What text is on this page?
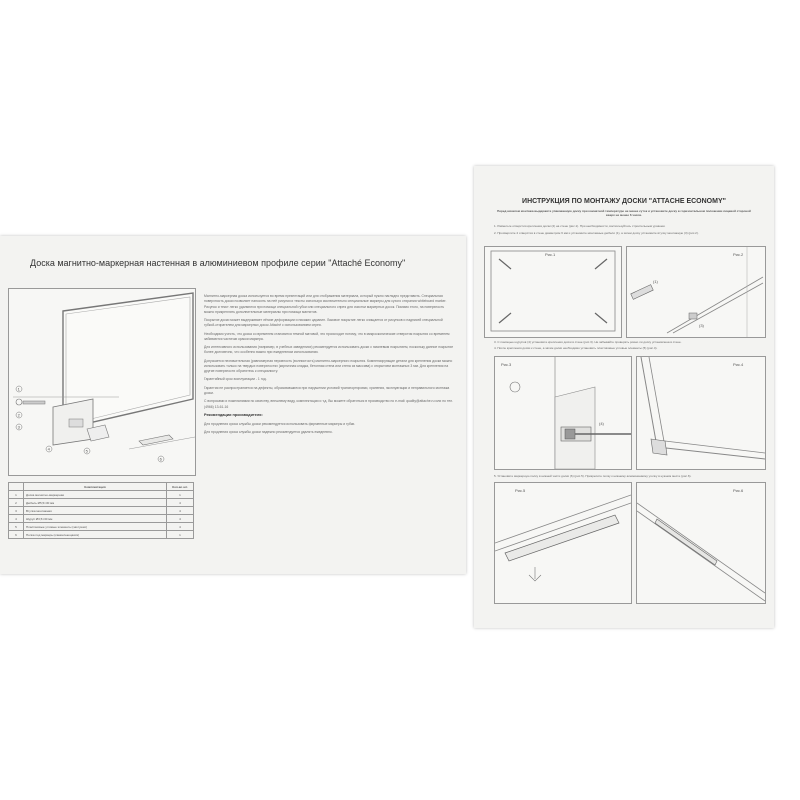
Доска магнитно-маркерная настенная в алюминиевом профиле серии "Attaché Economy"
1
2
3
4	5
6

Магнитно-маркерная доска используется во время презентаций или для отображения материала, который нужно наглядно представить. Специальная поверхность доски позволяет наносить на неё рисунки и тексты используя исключительно специальные маркеры для сухого стирания whiteboard marker. Рисунок и текст легко удаляются при помощи специальной губки или специального спрея для очистки маркерных досок. Помимо этого, на поверхность можно прикреплять дополнительные материалы при помощи магнитов.

Покрытие доски может выдерживает лёгкие деформации и никаких царапин. Лаковое покрытие легко очищается от рисунков и надписей специальной губкой-стирателем для маркерных досок Attaché с использованием спрея.

Необходимо учесть, что доска со временем становится темной матовой, это происходит потому, что в микроскопические отверстия покрытия со временем забиваются частички краски маркера.

Для интенсивного использования (например, в учебных заведениях) рекомендуется использовать доски с эмалевым покрытием, поскольку данное покрытие более долговечно, что особенно важно при ежедневном использовании.

Допускается незначительная (равномерная неровность (волнистость) магнитно-маркерного покрытия. Компенсирующие детали для крепления доски можно использовать только на твердых поверхностях (кирпичная кладка, бетонная стена или стена из массива) с открытием монтажных 3 мм. Для крепления на другие поверхности обратитесь к специалисту.

Гарантийный срок эксплуатации - 1 год.

Гарантия не распространяется на дефекты, образовавшиеся при нарушении условий транспортировки, хранения, эксплуатации и неправильного монтажа доски.

С вопросами и пожеланиями по качеству, внешнему виду, комплектации и т.д. Вы можете обратиться в производство по e-mail: quality@attache.ru или по тел. (4966) 13-61-16

Рекомендации производителя:

Для продления срока службы доски рекомендуется использовать фирменные маркеры и губки.

Для продления срока службы доски надежно рекомендуется удалять ежедневно.

	Комплектация	Кол-во шт.
1	Доска магнитно-маркерная	1
2	Дюбель Ø5,5×30 мм	4
3	Втулка монтажная	4
4	Шуруп Ø3,5×30 мм	4
5	Пластиковые угловые элементы (заглушки)	4
6	Полка под маркеры (самоклеющаяся)	1
ИНСТРУКЦИЯ ПО МОНТАЖУ ДОСКИ "ATTACHE ECONOMY"
Перед началом монтажа выдержите упакованную доску при комнатной температуре не менее суток и установите доску в горизонтальном положении лицевой стороной вверх не менее 6 часов.
1. Разметьте отверстия крепления доски (2) на стене (рис.1). При необходимости, воспользуйтесь строительным уровнем.
2. Просверлите 4 отверстия в стене диаметром 6 мм и установите монтажные дюбели (1), а затем доску установите втулку монтажную (3) (рис.2).
Рис.1	Рис.2
(1)
(3)
3. С помощью шурупов (4) установите крепления доски в стене (рис.3). Не забывайте проверять ровно ли доску установлена в стене.
4. После крепления доски к стене, а затем доски необходимо установить пластиковые угловые элементы (5) (рис.4).
Рис.3
(4)
Рис.4
5. Установите маркерную полку в нижней части доски (6) (рис.5). Прикрепите полку к нижнему алюминиевому уголку в нужном месте (рис.6).
Рис.5	Рис.6
